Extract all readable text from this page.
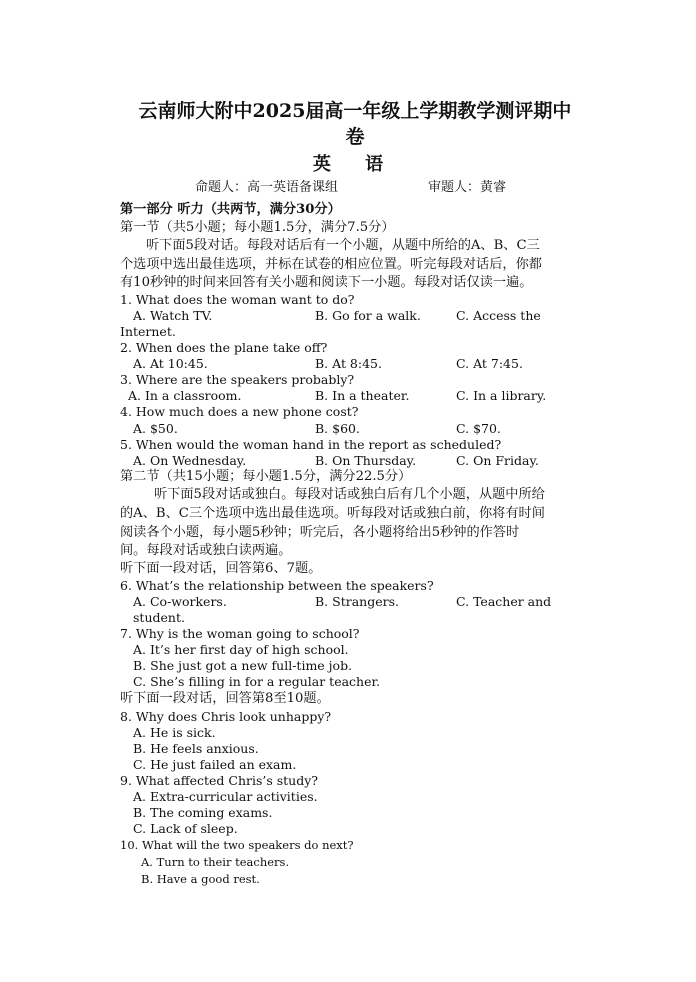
云南师大附中2025届高一年级上学期教学测评期中
卷
英 语
命题人：高一英语备课组	审题人：黄睿
第一部分 听力（共两节，满分30分）
第一节（共5小题；每小题1.5分，满分7.5分）
听下面5段对话。每段对话后有一个小题，从题中所给的A、B、C三
个选项中选出最佳选项，并标在试卷的相应位置。听完每段对话后，你都
有10秒钟的时间来回答有关小题和阅读下一小题。每段对话仅读一遍。
1. What does the woman want to do?
A. Watch TV.	B. Go for a walk.	C. Access the
Internet.
2. When does the plane take off?
A. At 10:45.	B. At 8:45.	C. At 7:45.
3. Where are the speakers probably?
A. In a classroom.	B. In a theater.	C. In a library.
4. How much does a new phone cost?
A. $50.	B. $60.	C. $70.
5. When would the woman hand in the report as scheduled?
A. On Wednesday.	B. On Thursday.	C. On Friday.
第二节（共15小题；每小题1.5分，满分22.5分）
听下面5段对话或独白。每段对话或独白后有几个小题，从题中所给
的A、B、C三个选项中选出最佳选项。听每段对话或独白前，你将有时间
阅读各个小题，每小题5秒钟；听完后，各小题将给出5秒钟的作答时
间。每段对话或独白读两遍。
听下面一段对话，回答第6、7题。
6. What’s the relationship between the speakers?
A. Co-workers.	B. Strangers.	C. Teacher and
student.
7. Why is the woman going to school?
A. It’s her first day of high school.
B. She just got a new full-time job.
C. She’s filling in for a regular teacher.
听下面一段对话，回答第8至10题。
8. Why does Chris look unhappy?
A. He is sick.
B. He feels anxious.
C. He just failed an exam.
9. What affected Chris’s study?
A. Extra-curricular activities.
B. The coming exams.
C. Lack of sleep.
10. What will the two speakers do next?
A. Turn to their teachers.
B. Have a good rest.
